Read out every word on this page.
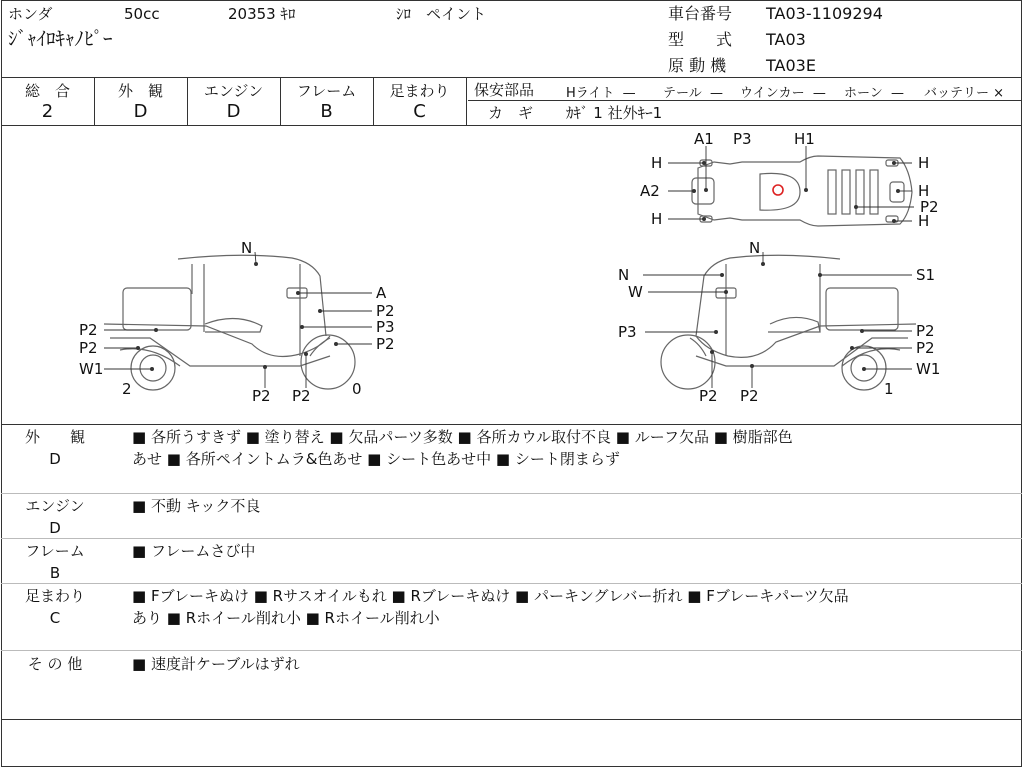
ホンダ	50cc	20353 ｷﾛ	ｼﾛ　ペイント
ｼﾞｬｲﾛｷｬﾉﾋﾟｰ
車台番号 TA03-1109294
型　　式 TA03
原 動 機 TA03E
総　合
2
外　観
D
エンジン
D
フレーム
B
足まわり
C
保安部品 Hライト — テール — ウインカー — ホーン — バッテリー ×
カ　ギ ｶｷﾞ 1 社外ｷｰ1
N
A
P2
P3
P2
P2
P2
W1
2	P2 P2	0
N
N	S1
W
P3	P2
P2
W1
1
P2 P2
A1 P3	H1
H
A2
H
H
H
P2
H
外　　観
D
■ 各所うすきず ■ 塗り替え ■ 欠品パーツ多数 ■ 各所カウル取付不良 ■ ルーフ欠品 ■ 樹脂部色
あせ ■ 各所ペイントムラ&色あせ ■ シート色あせ中 ■ シート閉まらず
エンジン
D
■ 不動 キック不良
フレーム
B
■ フレームさび中
足まわり
C
■ Fブレーキぬけ ■ Rサスオイルもれ ■ Rブレーキぬけ ■ パーキングレバー折れ ■ Fブレーキパーツ欠品
あり ■ Rホイール削れ小 ■ Rホイール削れ小
そ の 他	■ 速度計ケーブルはずれ
